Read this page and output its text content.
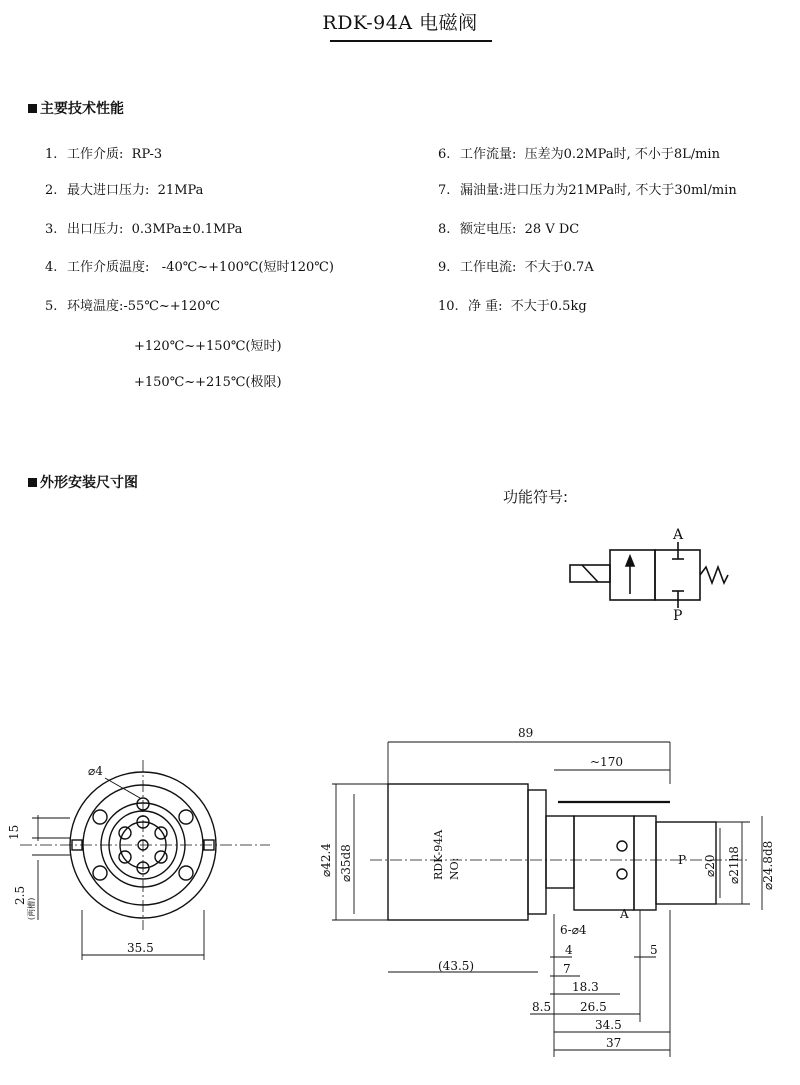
RDK-94A 电磁阀
主要技术性能
1. 工作介质: RP-3
2. 最大进口压力: 21MPa
3. 出口压力: 0.3MPa±0.1MPa
4. 工作介质温度: -40℃~+100℃(短时120℃)
5. 环境温度:-55℃~+120℃
+120℃~+150℃(短时)
+150℃~+215℃(极限)
6. 工作流量: 压差为0.2MPa时, 不小于8L/min
7. 漏油量:进口压力为21MPa时, 不大于30ml/min
8. 额定电压: 28 V DC
9. 工作电流: 不大于0.7A
10. 净 重: 不大于0.5kg
外形安装尺寸图
功能符号:
A
P
⌀4
15
2.5
(两槽)
35.5
89
~170
⌀42.4 ⌀35d8	RDK-94A NO:	P
A
⌀20 ⌀21h8 ⌀24.8d8
6-⌀4
4	5
(43.5)	7
18.3
8.5 26.5
34.5
37
